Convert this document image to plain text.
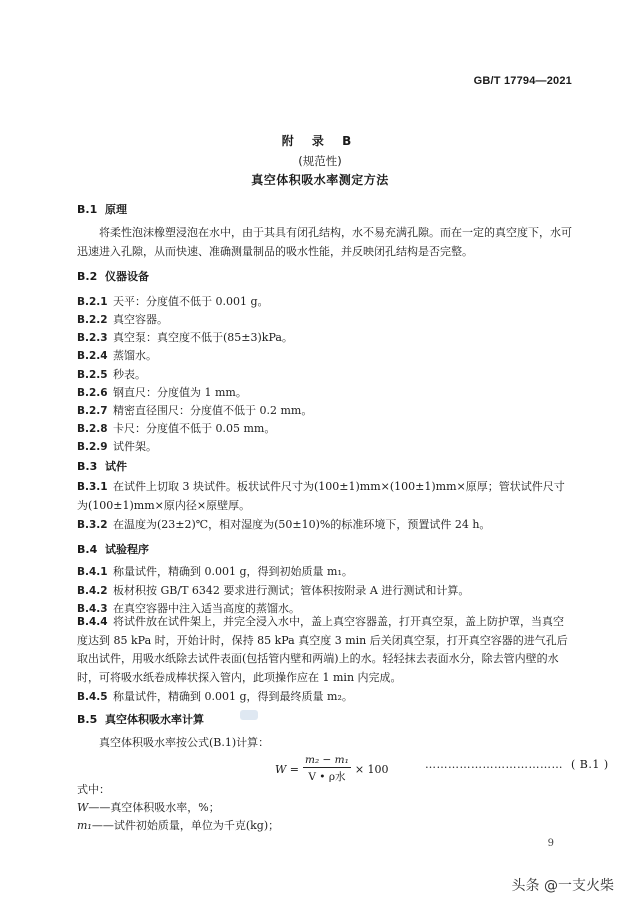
GB/T 17794—2021
附 录 B
(规范性)
真空体积吸水率测定方法
B.1 原理
将柔性泡沫橡塑浸泡在水中，由于其具有闭孔结构，水不易充满孔隙。而在一定的真空度下，水可迅速进入孔隙，从而快速、准确测量制品的吸水性能，并反映闭孔结构是否完整。
B.2 仪器设备
B.2.1 天平：分度值不低于 0.001 g。
B.2.2 真空容器。
B.2.3 真空泵：真空度不低于(85±3)kPa。
B.2.4 蒸馏水。
B.2.5 秒表。
B.2.6 钢直尺：分度值为 1 mm。
B.2.7 精密直径围尺：分度值不低于 0.2 mm。
B.2.8 卡尺：分度值不低于 0.05 mm。
B.2.9 试件架。
B.3 试件
B.3.1 在试件上切取 3 块试件。板状试件尺寸为(100±1)mm×(100±1)mm×原厚；管状试件尺寸为(100±1)mm×原内径×原壁厚。
B.3.2 在温度为(23±2)℃，相对湿度为(50±10)%的标准环境下，预置试件 24 h。
B.4 试验程序
B.4.1 称量试件，精确到 0.001 g，得到初始质量 m₁。
B.4.2 板材积按 GB/T 6342 要求进行测试；管体积按附录 A 进行测试和计算。
B.4.3 在真空容器中注入适当高度的蒸馏水。
B.4.4 将试件放在试件架上，并完全浸入水中，盖上真空容器盖，打开真空泵，盖上防护罩，当真空度达到 85 kPa 时，开始计时，保持 85 kPa 真空度 3 min 后关闭真空泵，打开真空容器的进气孔后取出试件，用吸水纸除去试件表面(包括管内壁和两端)上的水。轻轻抹去表面水分，除去管内壁的水时，可将吸水纸卷成棒状探入管内，此项操作应在 1 min 内完成。
B.4.5 称量试件，精确到 0.001 g，得到最终质量 m₂。
B.5 真空体积吸水率计算
真空体积吸水率按公式(B.1)计算：
$W = \frac{\text{m₂ − m₁}}{\text{V • ρ水}} \times 100$	……………………………… ( B.1 )
式中：
W——真空体积吸水率，%；
m₁——试件初始质量，单位为千克(kg)；
9
头条 @一支火柴
